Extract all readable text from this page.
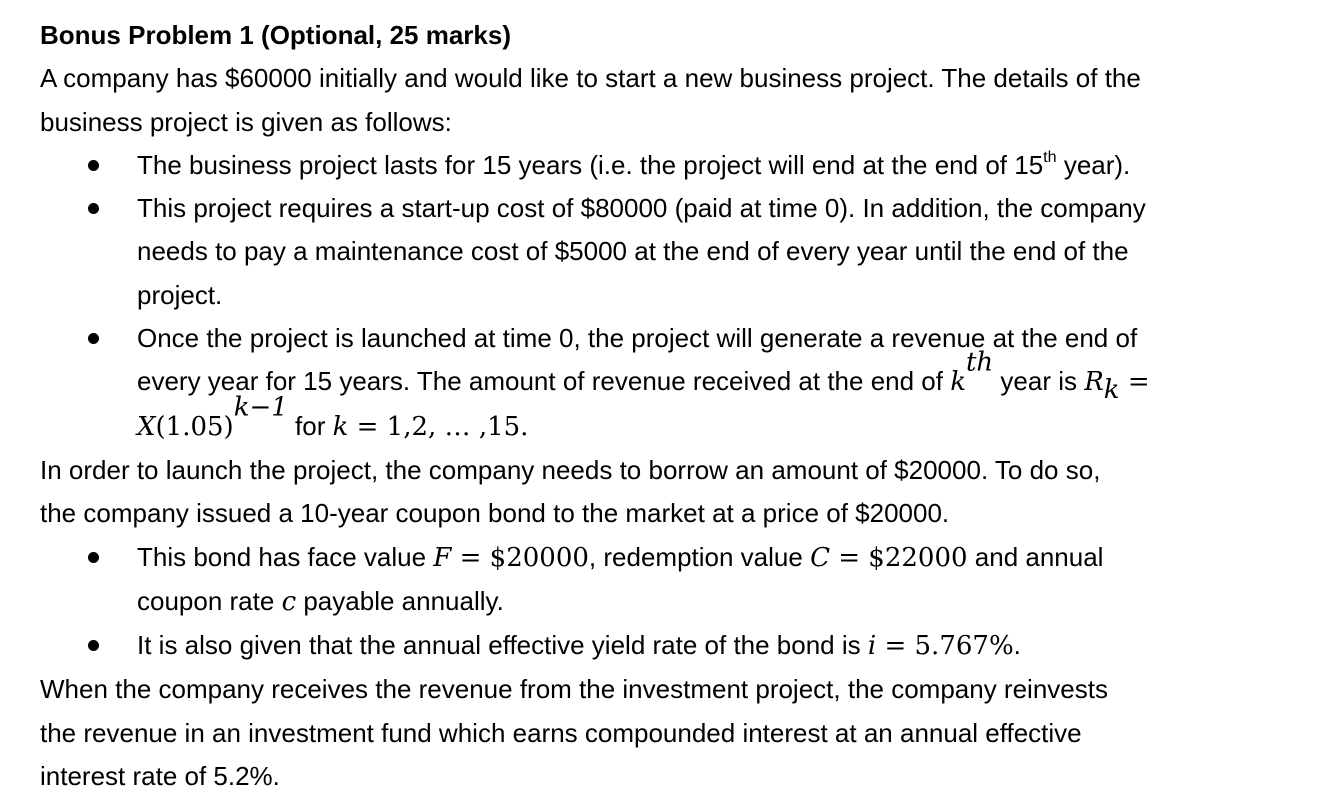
Bonus Problem 1 (Optional, 25 marks)
A company has $60000 initially and would like to start a new business project. The details of the
business project is given as follows:
The business project lasts for 15 years (i.e. the project will end at the end of 15th year).
This project requires a start-up cost of $80000 (paid at time 0). In addition, the company
needs to pay a maintenance cost of $5000 at the end of every year until the end of the
project.
Once the project is launched at time 0, the project will generate a revenue at the end of
every year for 15 years. The amount of revenue received at the end of $k^{th}$ year is $R_k$ =
$X(1.05)^{k-1}$ for k = 1,2, … ,15.
In order to launch the project, the company needs to borrow an amount of $20000. To do so,
the company issued a 10-year coupon bond to the market at a price of $20000.
This bond has face value F = $20000, redemption value C = $22000 and annual
coupon rate c payable annually.
It is also given that the annual effective yield rate of the bond is i = 5.767%.
When the company receives the revenue from the investment project, the company reinvests
the revenue in an investment fund which earns compounded interest at an annual effective
interest rate of 5.2%.
